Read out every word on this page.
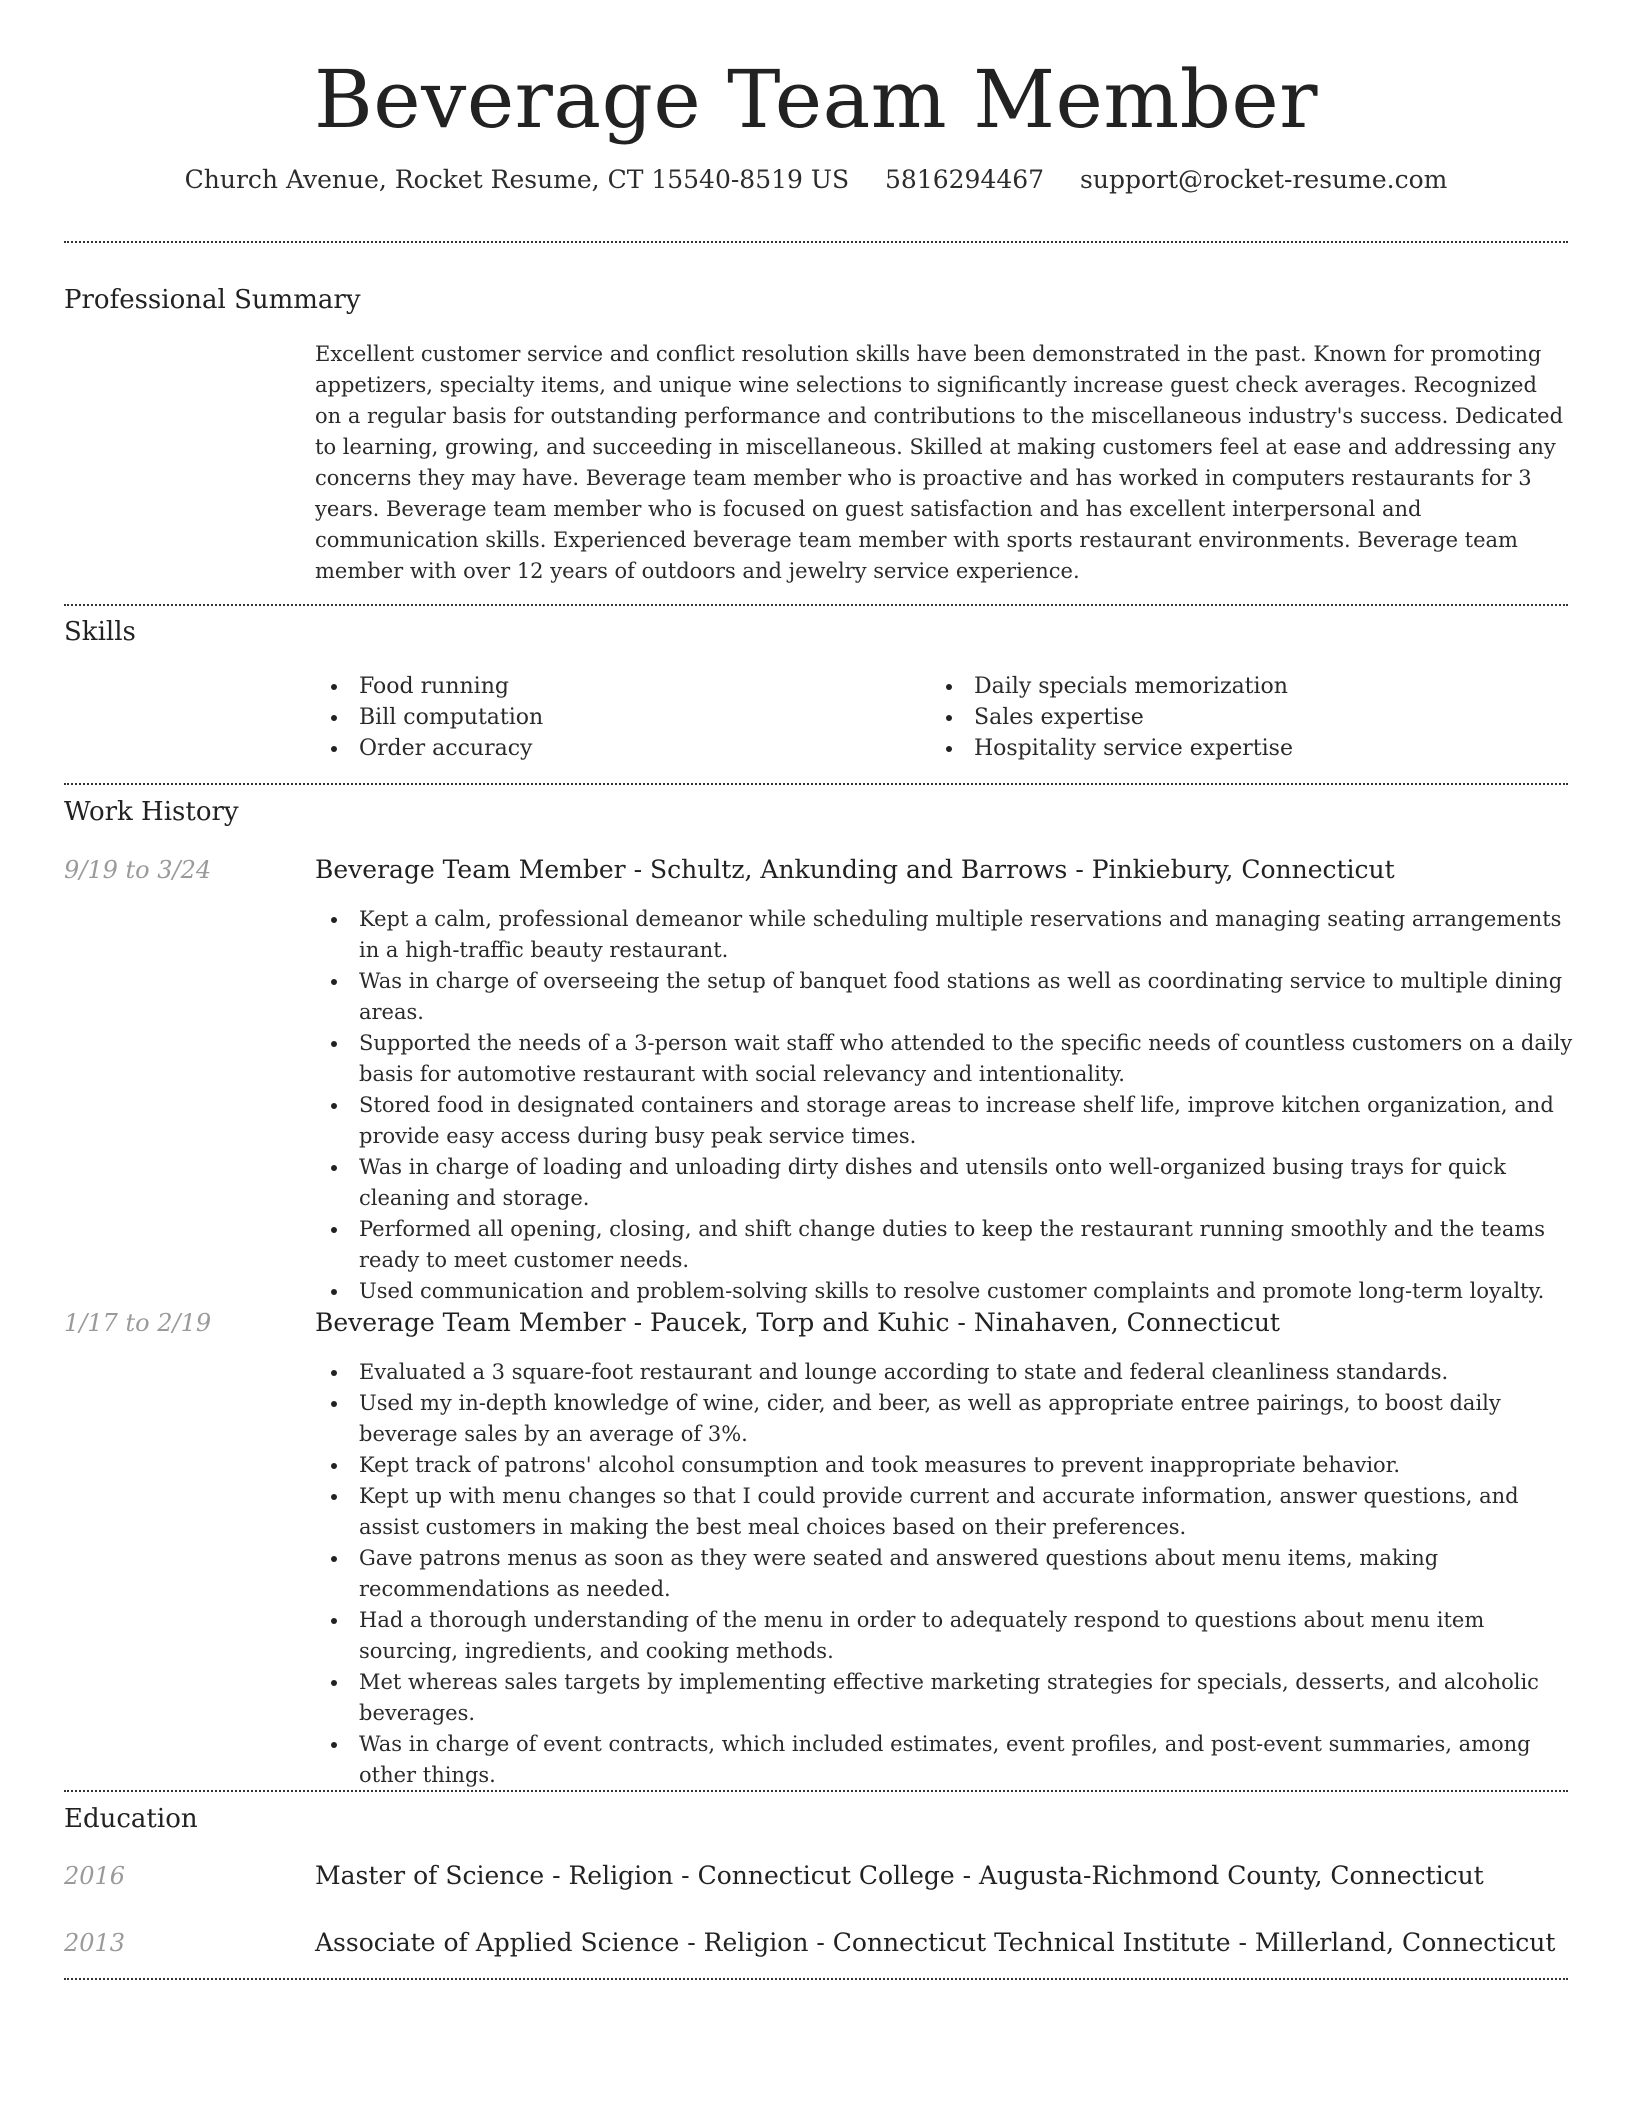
Beverage Team Member
Church Avenue, Rocket Resume, CT 15540-8519 US 5816294467 support@rocket-resume.com
Professional Summary

Excellent customer service and conflict resolution skills have been demonstrated in the past. Known for promoting appetizers, specialty items, and unique wine selections to significantly increase guest check averages. Recognized on a regular basis for outstanding performance and contributions to the miscellaneous industry's success. Dedicated to learning, growing, and succeeding in miscellaneous. Skilled at making customers feel at ease and addressing any concerns they may have. Beverage team member who is proactive and has worked in computers restaurants for 3 years. Beverage team member who is focused on guest satisfaction and has excellent interpersonal and communication skills. Experienced beverage team member with sports restaurant environments. Beverage team member with over 12 years of outdoors and jewelry service experience.

Skills
Food running
Bill computation
Order accuracy
Daily specials memorization
Sales expertise
Hospitality service expertise
Work History
9/19 to 3/24	Beverage Team Member - Schultz, Ankunding and Barrows - Pinkiebury, Connecticut
Kept a calm, professional demeanor while scheduling multiple reservations and managing seating arrangements in a high-traffic beauty restaurant.
Was in charge of overseeing the setup of banquet food stations as well as coordinating service to multiple dining areas.
Supported the needs of a 3-person wait staff who attended to the specific needs of countless customers on a daily basis for automotive restaurant with social relevancy and intentionality.
Stored food in designated containers and storage areas to increase shelf life, improve kitchen organization, and provide easy access during busy peak service times.
Was in charge of loading and unloading dirty dishes and utensils onto well-organized busing trays for quick cleaning and storage.
Performed all opening, closing, and shift change duties to keep the restaurant running smoothly and the teams ready to meet customer needs.
Used communication and problem-solving skills to resolve customer complaints and promote long-term loyalty.
1/17 to 2/19	Beverage Team Member - Paucek, Torp and Kuhic - Ninahaven, Connecticut
Evaluated a 3 square-foot restaurant and lounge according to state and federal cleanliness standards.
Used my in-depth knowledge of wine, cider, and beer, as well as appropriate entree pairings, to boost daily beverage sales by an average of 3%.
Kept track of patrons' alcohol consumption and took measures to prevent inappropriate behavior.
Kept up with menu changes so that I could provide current and accurate information, answer questions, and assist customers in making the best meal choices based on their preferences.
Gave patrons menus as soon as they were seated and answered questions about menu items, making recommendations as needed.
Had a thorough understanding of the menu in order to adequately respond to questions about menu item sourcing, ingredients, and cooking methods.
Met whereas sales targets by implementing effective marketing strategies for specials, desserts, and alcoholic beverages.
Was in charge of event contracts, which included estimates, event profiles, and post-event summaries, among other things.
Education
2016	Master of Science - Religion - Connecticut College - Augusta-Richmond County, Connecticut
2013	Associate of Applied Science - Religion - Connecticut Technical Institute - Millerland, Connecticut
